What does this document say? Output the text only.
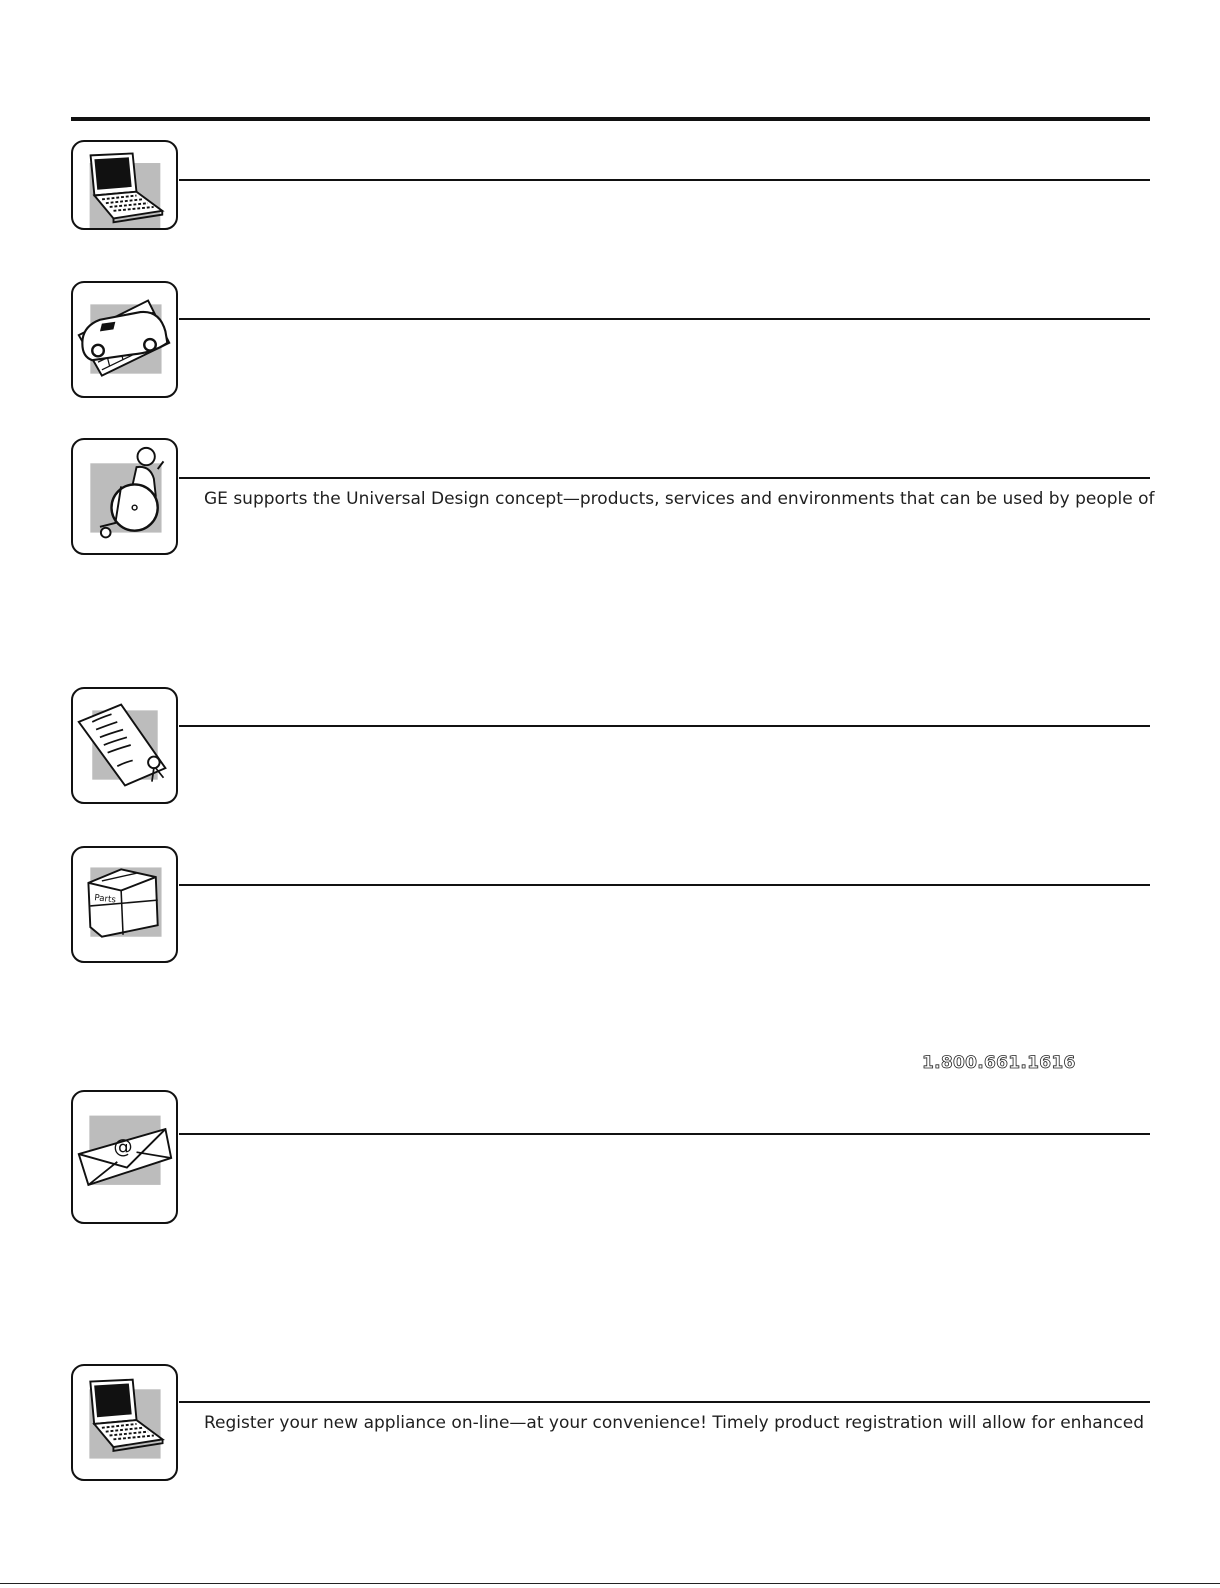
GE supports the Universal Design concept—products, services and environments that can be used by people of
Parts
1.800.661.1616
@
Register your new appliance on-line—at your convenience! Timely product registration will allow for enhanced
